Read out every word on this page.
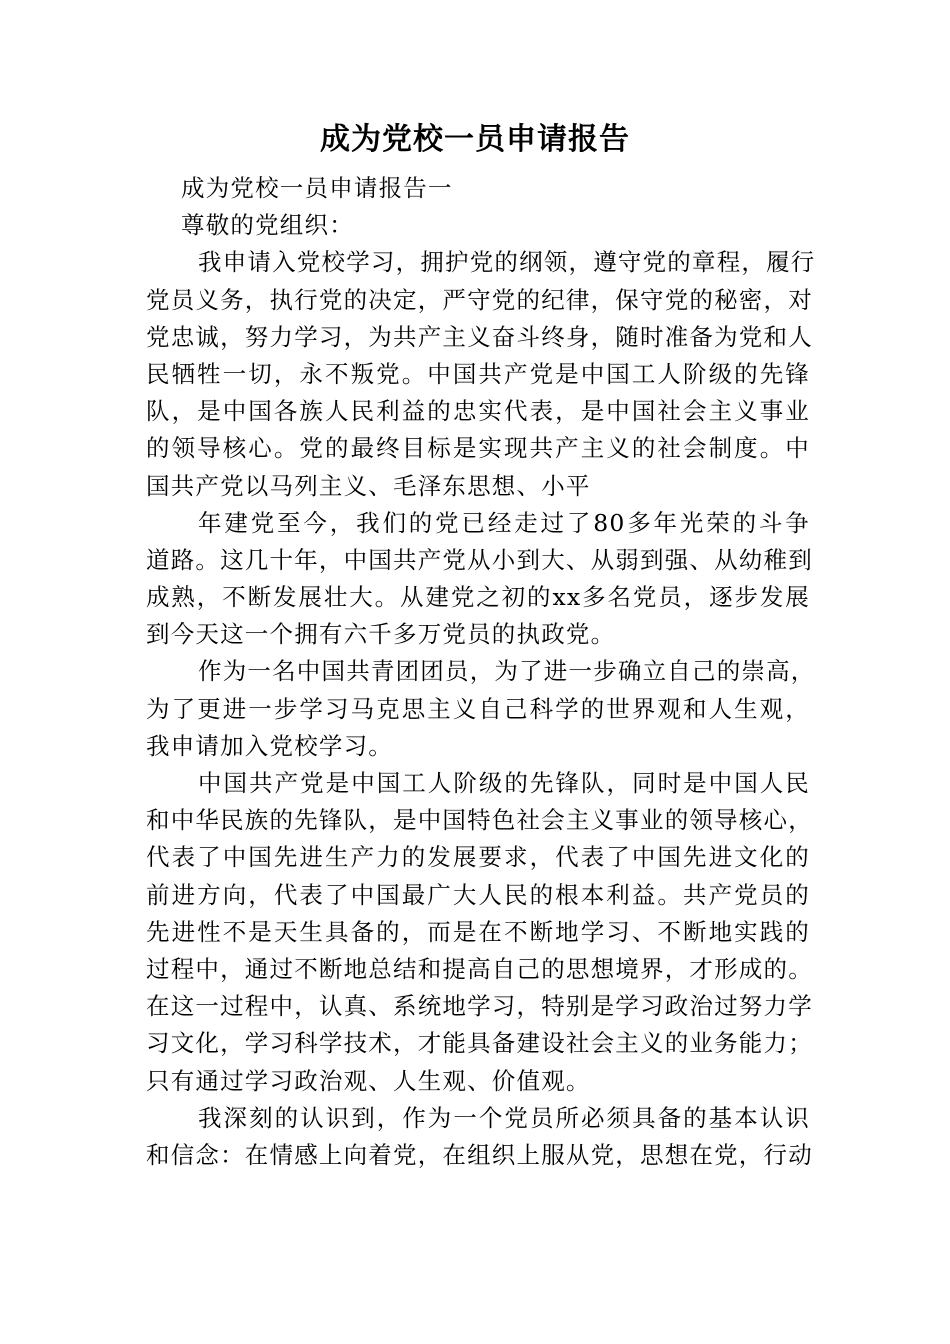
成为党校一员申请报告
成为党校一员申请报告一
尊敬的党组织：
我申请入党校学习，拥护党的纲领，遵守党的章程，履行
党员义务，执行党的决定，严守党的纪律，保守党的秘密，对
党忠诚，努力学习，为共产主义奋斗终身，随时准备为党和人
民牺牲一切，永不叛党。中国共产党是中国工人阶级的先锋
队，是中国各族人民利益的忠实代表，是中国社会主义事业
的领导核心。党的最终目标是实现共产主义的社会制度。中
国共产党以马列主义、毛泽东思想、小平
年建党至今，我们的党已经走过了80多年光荣的斗争
道路。这几十年，中国共产党从小到大、从弱到强、从幼稚到
成熟，不断发展壮大。从建党之初的xx多名党员，逐步发展
到今天这一个拥有六千多万党员的执政党。
作为一名中国共青团团员，为了进一步确立自己的崇高，
为了更进一步学习马克思主义自己科学的世界观和人生观，
我申请加入党校学习。
中国共产党是中国工人阶级的先锋队，同时是中国人民
和中华民族的先锋队，是中国特色社会主义事业的领导核心，
代表了中国先进生产力的发展要求，代表了中国先进文化的
前进方向，代表了中国最广大人民的根本利益。共产党员的
先进性不是天生具备的，而是在不断地学习、不断地实践的
过程中，通过不断地总结和提高自己的思想境界，才形成的。
在这一过程中，认真、系统地学习，特别是学习政治过努力学
习文化，学习科学技术，才能具备建设社会主义的业务能力；
只有通过学习政治观、人生观、价值观。
我深刻的认识到，作为一个党员所必须具备的基本认识
和信念：在情感上向着党，在组织上服从党，思想在党，行动
